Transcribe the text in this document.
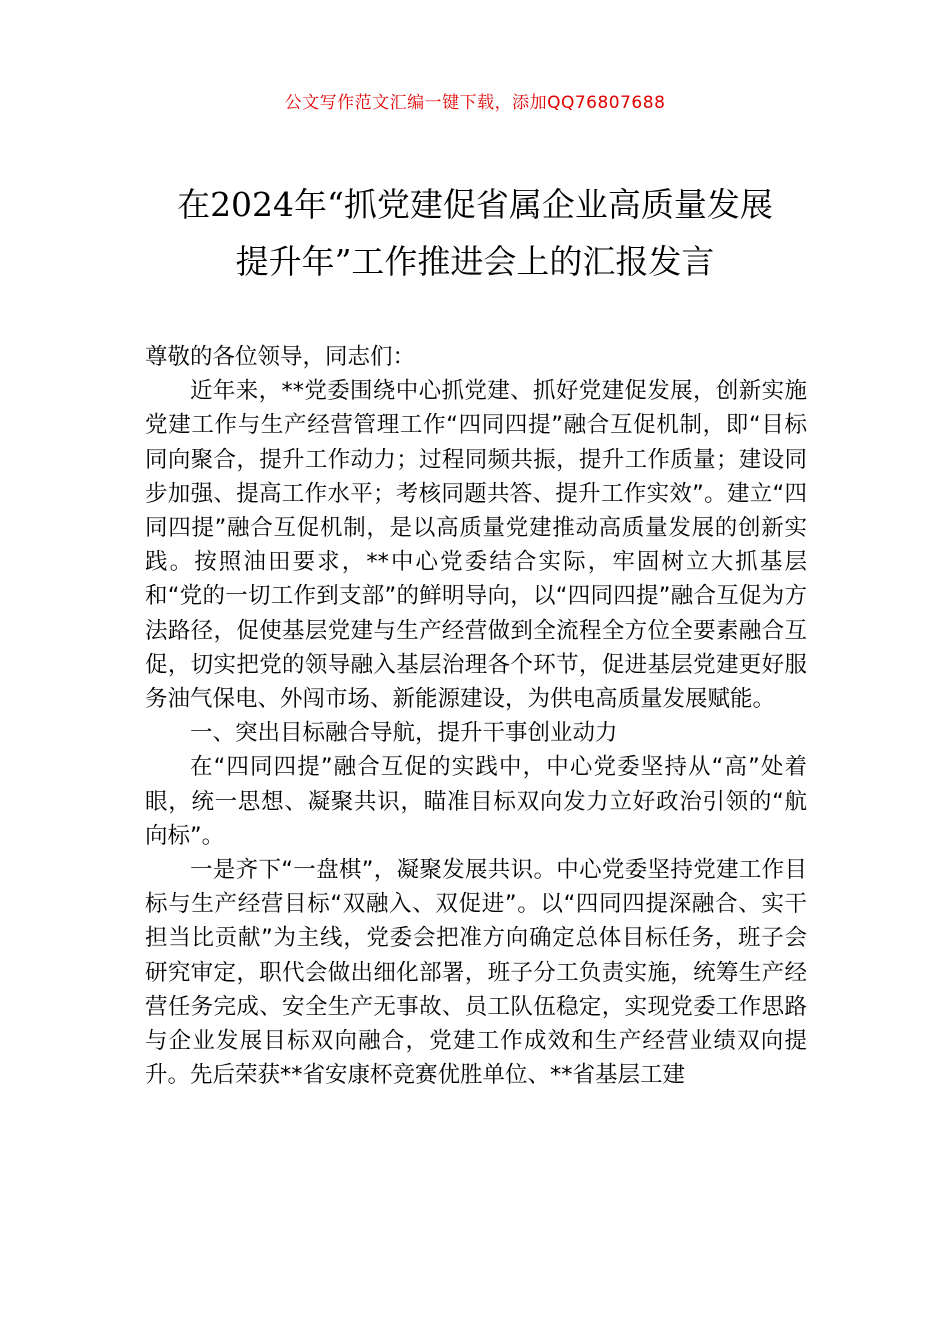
公文写作范文汇编一键下载，添加QQ76807688
在2024年“抓党建促省属企业高质量发展
提升年”工作推进会上的汇报发言

尊敬的各位领导，同志们：

近年来，**党委围绕中心抓党建、抓好党建促发展，创新实施党建工作与生产经营管理工作“四同四提”融合互促机制，即“目标同向聚合，提升工作动力；过程同频共振，提升工作质量；建设同步加强、提高工作水平；考核同题共答、提升工作实效”。建立“四同四提”融合互促机制，是以高质量党建推动高质量发展的创新实践。按照油田要求，**中心党委结合实际，牢固树立大抓基层和“党的一切工作到支部”的鲜明导向，以“四同四提”融合互促为方法路径，促使基层党建与生产经营做到全流程全方位全要素融合互促，切实把党的领导融入基层治理各个环节，促进基层党建更好服务油气保电、外闯市场、新能源建设，为供电高质量发展赋能。

一、突出目标融合导航，提升干事创业动力

在“四同四提”融合互促的实践中，中心党委坚持从“高”处着眼，统一思想、凝聚共识，瞄准目标双向发力立好政治引领的“航向标”。

一是齐下“一盘棋”，凝聚发展共识。中心党委坚持党建工作目标与生产经营目标“双融入、双促进”。以“四同四提深融合、实干担当比贡献”为主线，党委会把准方向确定总体目标任务，班子会研究审定，职代会做出细化部署，班子分工负责实施，统筹生产经营任务完成、安全生产无事故、员工队伍稳定，实现党委工作思路与企业发展目标双向融合，党建工作成效和生产经营业绩双向提升。先后荣获**省安康杯竞赛优胜单位、**省基层工建
